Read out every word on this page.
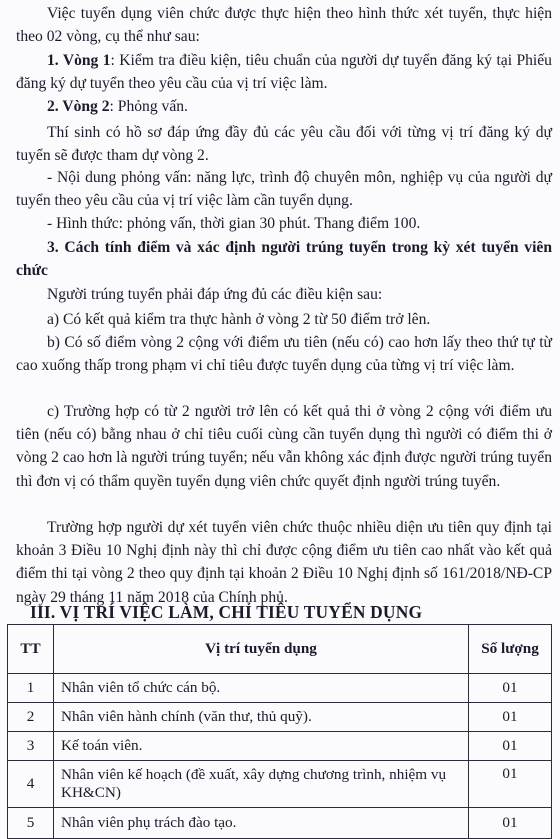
Việc tuyển dụng viên chức được thực hiện theo hình thức xét tuyển, thực hiện theo 02 vòng, cụ thể như sau:

1. Vòng 1: Kiểm tra điều kiện, tiêu chuẩn của người dự tuyển đăng ký tại Phiếu đăng ký dự tuyển theo yêu cầu của vị trí việc làm.

2. Vòng 2: Phỏng vấn.

Thí sinh có hồ sơ đáp ứng đầy đủ các yêu cầu đối với từng vị trí đăng ký dự tuyển sẽ được tham dự vòng 2.

- Nội dung phỏng vấn: năng lực, trình độ chuyên môn, nghiệp vụ của người dự tuyển theo yêu cầu của vị trí việc làm cần tuyển dụng.

- Hình thức: phỏng vấn, thời gian 30 phút. Thang điểm 100.

3. Cách tính điểm và xác định người trúng tuyển trong kỳ xét tuyển viên chức

Người trúng tuyển phải đáp ứng đủ các điều kiện sau:

a) Có kết quả kiểm tra thực hành ở vòng 2 từ 50 điểm trở lên.

b) Có số điểm vòng 2 cộng với điểm ưu tiên (nếu có) cao hơn lấy theo thứ tự từ cao xuống thấp trong phạm vi chỉ tiêu được tuyển dụng của từng vị trí việc làm.

c) Trường hợp có từ 2 người trở lên có kết quả thi ở vòng 2 cộng với điểm ưu tiên (nếu có) bằng nhau ở chỉ tiêu cuối cùng cần tuyển dụng thì người có điểm thi ở vòng 2 cao hơn là người trúng tuyển; nếu vẫn không xác định được người trúng tuyển thì đơn vị có thẩm quyền tuyển dụng viên chức quyết định người trúng tuyển.

Trường hợp người dự xét tuyển viên chức thuộc nhiều diện ưu tiên quy định tại khoản 3 Điều 10 Nghị định này thì chỉ được cộng điểm ưu tiên cao nhất vào kết quả điểm thi tại vòng 2 theo quy định tại khoản 2 Điều 10 Nghị định số 161/2018/NĐ-CP ngày 29 tháng 11 năm 2018 của Chính phủ.

III. VỊ TRÍ VIỆC LÀM, CHỈ TIÊU TUYỂN DỤNG

TT	Vị trí tuyển dụng	Số lượng
1	Nhân viên tổ chức cán bộ.	01
2	Nhân viên hành chính (văn thư, thủ quỹ).	01
3	Kế toán viên.	01
4	Nhân viên kế hoạch (đề xuất, xây dựng chương trình, nhiệm vụ KH&CN)	01
5	Nhân viên phụ trách đào tạo.	01
